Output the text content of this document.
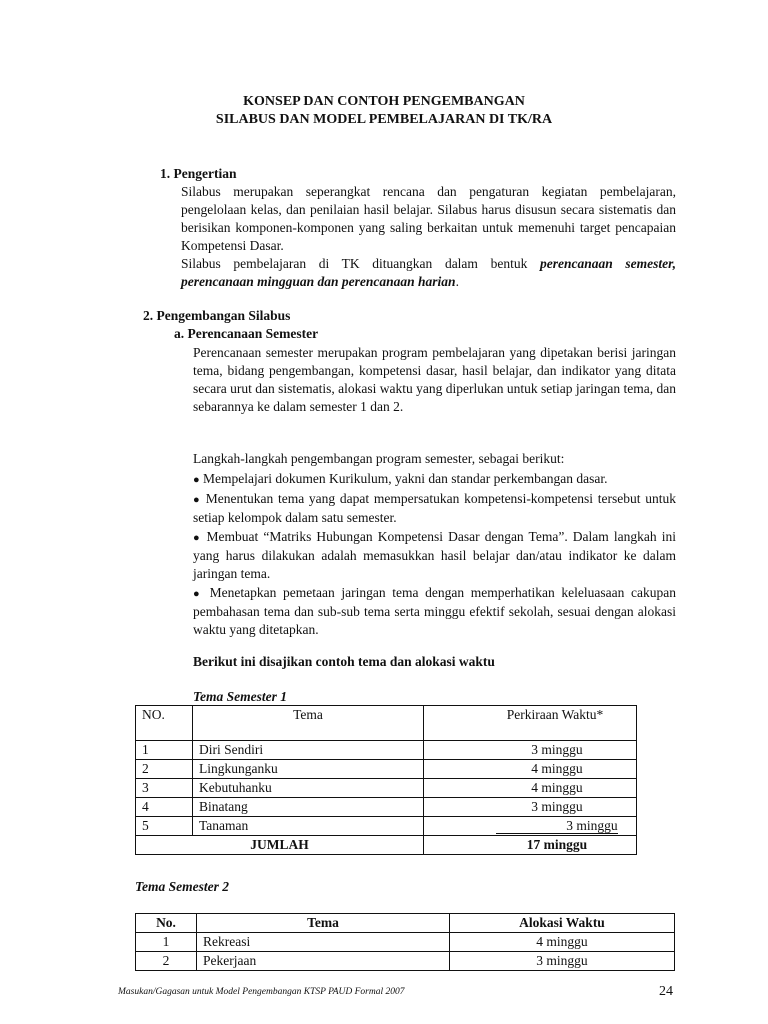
KONSEP DAN CONTOH PENGEMBANGAN
SILABUS DAN MODEL PEMBELAJARAN DI TK/RA
1. Pengertian
Silabus merupakan seperangkat rencana dan pengaturan kegiatan pembelajaran, pengelolaan kelas, dan penilaian hasil belajar. Silabus harus disusun secara sistematis dan berisikan komponen-komponen yang saling berkaitan untuk memenuhi target pencapaian Kompetensi Dasar.
Silabus pembelajaran di TK dituangkan dalam bentuk perencanaan semester, perencanaan mingguan dan perencanaan harian.
2. Pengembangan Silabus
a. Perencanaan Semester
Perencanaan semester merupakan program pembelajaran yang dipetakan berisi jaringan tema, bidang pengembangan, kompetensi dasar, hasil belajar, dan indikator yang ditata secara urut dan sistematis, alokasi waktu yang diperlukan untuk setiap jaringan tema, dan sebarannya ke dalam semester 1 dan 2.
Langkah-langkah pengembangan program semester, sebagai berikut:
● Mempelajari dokumen Kurikulum, yakni dan standar perkembangan dasar.
● Menentukan tema yang dapat mempersatukan kompetensi-kompetensi tersebut untuk setiap kelompok dalam satu semester.
● Membuat “Matriks Hubungan Kompetensi Dasar dengan Tema”. Dalam langkah ini yang harus dilakukan adalah memasukkan hasil belajar dan/atau indikator ke dalam jaringan tema.
● Menetapkan pemetaan jaringan tema dengan memperhatikan keleluasaan cakupan pembahasan tema dan sub-sub tema serta minggu efektif sekolah, sesuai dengan alokasi waktu yang ditetapkan.
Berikut ini disajikan contoh tema dan alokasi waktu
Tema Semester 1
NO.	Tema	Perkiraan Waktu*
1	Diri Sendiri	3 minggu
2	Lingkunganku	4 minggu
3	Kebutuhanku	4 minggu
4	Binatang	3 minggu
5	Tanaman	3 minggu
JUMLAH		17 minggu
Tema Semester 2
No.	Tema	Alokasi Waktu
1	Rekreasi	4 minggu
2	Pekerjaan	3 minggu
Masukan/Gagasan untuk Model Pengembangan KTSP PAUD Formal 2007	24
